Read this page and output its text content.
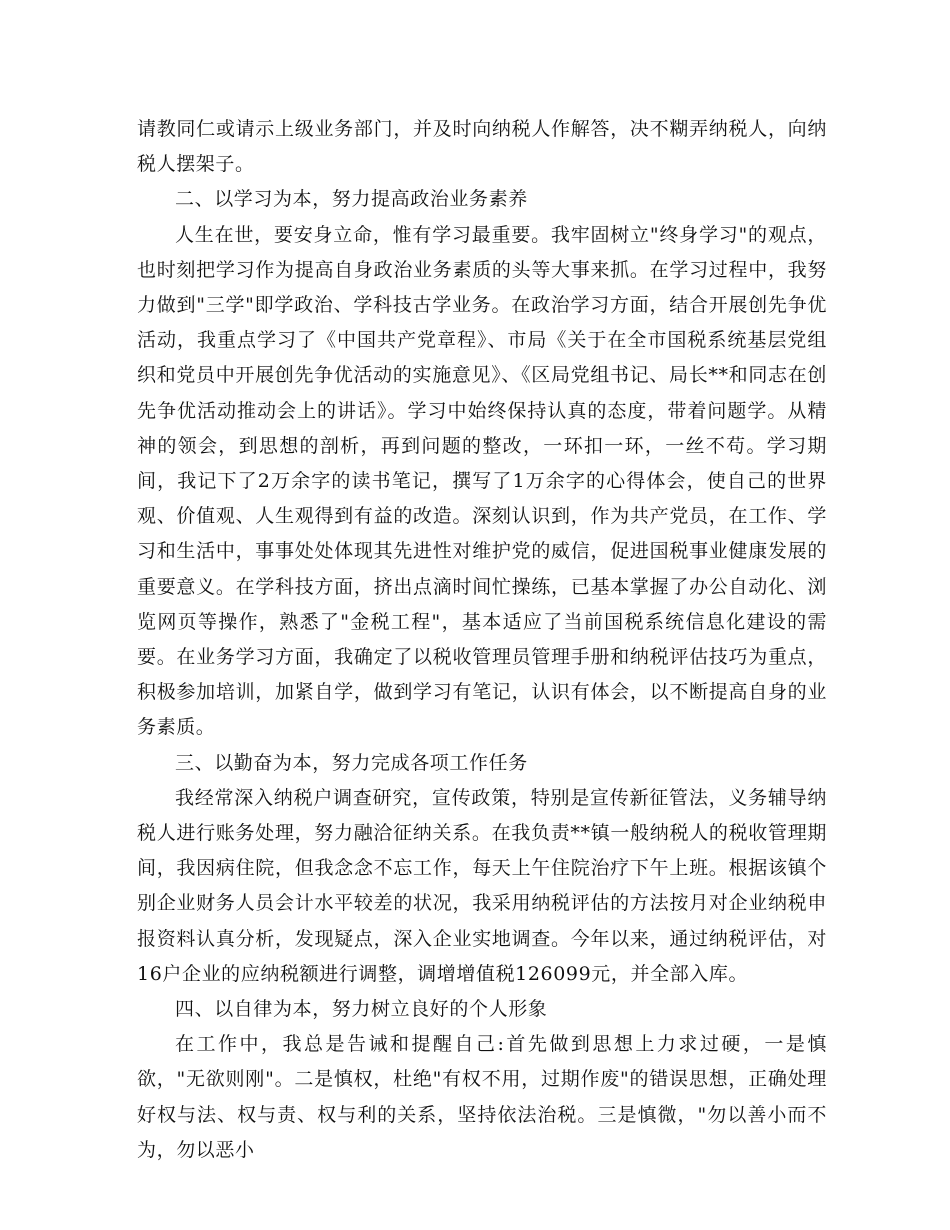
请教同仁或请示上级业务部门，并及时向纳税人作解答，决不糊弄纳税人，向纳税人摆架子。

二、以学习为本，努力提高政治业务素养

人生在世，要安身立命，惟有学习最重要。我牢固树立"终身学习"的观点，也时刻把学习作为提高自身政治业务素质的头等大事来抓。在学习过程中，我努力做到"三学"即学政治、学科技古学业务。在政治学习方面，结合开展创先争优活动，我重点学习了《中国共产党章程》、市局《关于在全市国税系统基层党组织和党员中开展创先争优活动的实施意见》、《区局党组书记、局长**和同志在创先争优活动推动会上的讲话》。学习中始终保持认真的态度，带着问题学。从精神的领会，到思想的剖析，再到问题的整改，一环扣一环，一丝不苟。学习期间，我记下了2万余字的读书笔记，撰写了1万余字的心得体会，使自己的世界观、价值观、人生观得到有益的改造。深刻认识到，作为共产党员，在工作、学习和生活中，事事处处体现其先进性对维护党的威信，促进国税事业健康发展的重要意义。在学科技方面，挤出点滴时间忙操练，已基本掌握了办公自动化、浏览网页等操作，熟悉了"金税工程"，基本适应了当前国税系统信息化建设的需要。在业务学习方面，我确定了以税收管理员管理手册和纳税评估技巧为重点，积极参加培训，加紧自学，做到学习有笔记，认识有体会，以不断提高自身的业务素质。

三、以勤奋为本，努力完成各项工作任务

我经常深入纳税户调查研究，宣传政策，特别是宣传新征管法，义务辅导纳税人进行账务处理，努力融洽征纳关系。在我负责**镇一般纳税人的税收管理期间，我因病住院，但我念念不忘工作，每天上午住院治疗下午上班。根据该镇个别企业财务人员会计水平较差的状况，我采用纳税评估的方法按月对企业纳税申报资料认真分析，发现疑点，深入企业实地调查。今年以来，通过纳税评估，对16户企业的应纳税额进行调整，调增增值税126099元，并全部入库。

四、以自律为本，努力树立良好的个人形象

在工作中，我总是告诫和提醒自己:首先做到思想上力求过硬，一是慎欲，"无欲则刚"。二是慎权，杜绝"有权不用，过期作废"的错误思想，正确处理好权与法、权与责、权与利的关系，坚持依法治税。三是慎微，"勿以善小而不为，勿以恶小
